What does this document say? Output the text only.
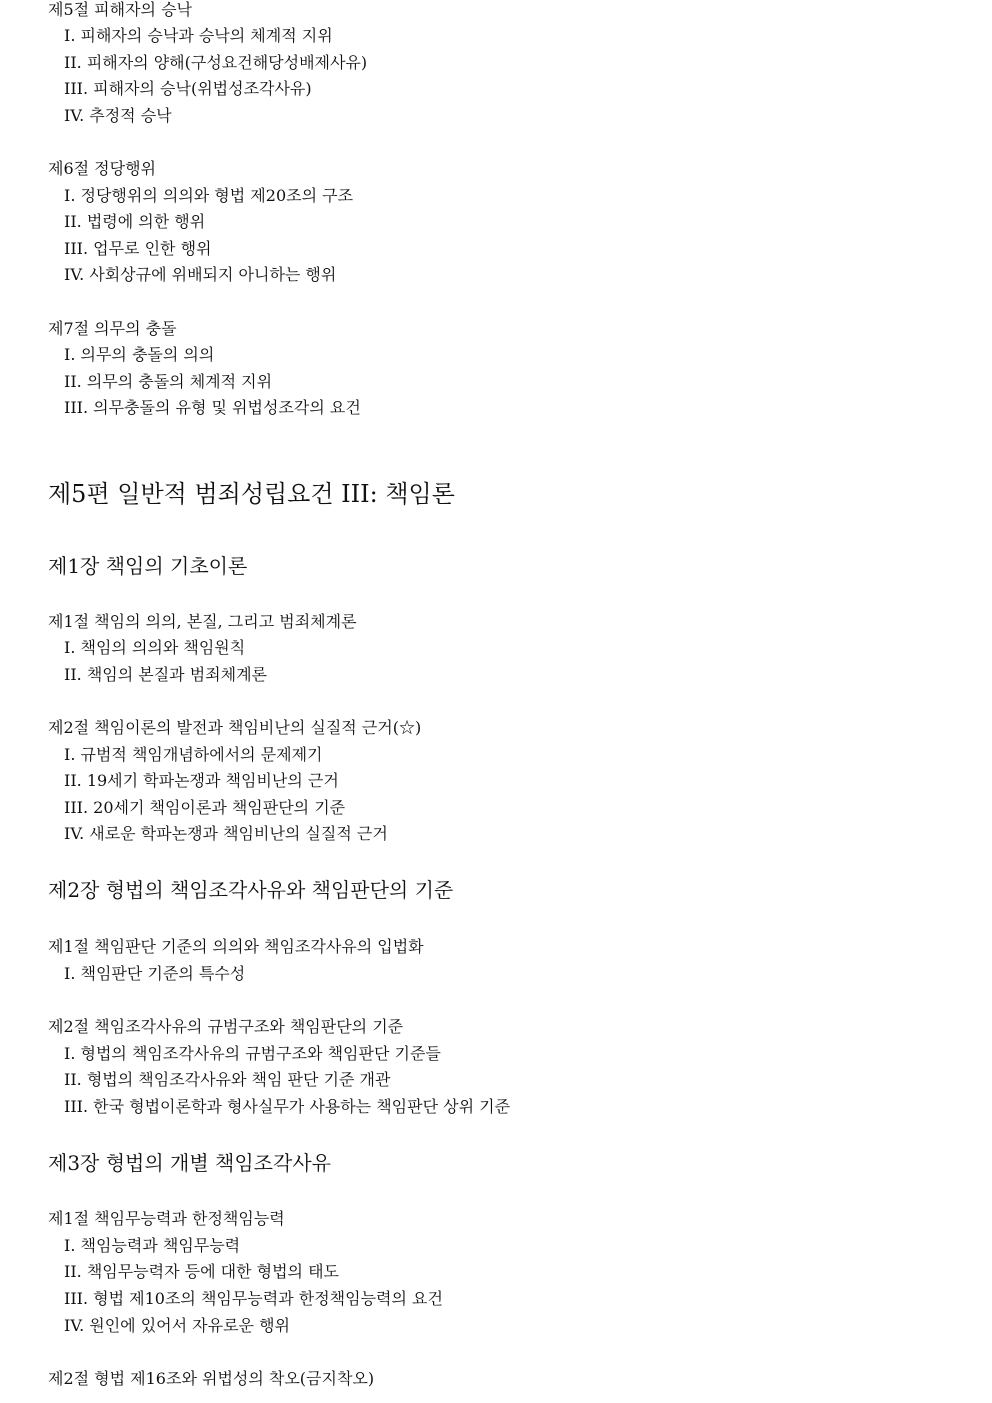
제5절 피해자의 승낙
I. 피해자의 승낙과 승낙의 체계적 지위
II. 피해자의 양해(구성요건해당성배제사유)
III. 피해자의 승낙(위법성조각사유)
IV. 추정적 승낙
제6절 정당행위
I. 정당행위의 의의와 형법 제20조의 구조
II. 법령에 의한 행위
III. 업무로 인한 행위
IV. 사회상규에 위배되지 아니하는 행위
제7절 의무의 충돌
I. 의무의 충돌의 의의
II. 의무의 충돌의 체계적 지위
III. 의무충돌의 유형 및 위법성조각의 요건
제5편 일반적 범죄성립요건 III: 책임론
제1장 책임의 기초이론
제1절 책임의 의의, 본질, 그리고 범죄체계론
I. 책임의 의의와 책임원칙
II. 책임의 본질과 범죄체계론
제2절 책임이론의 발전과 책임비난의 실질적 근거(☆)
I. 규범적 책임개념하에서의 문제제기
II. 19세기 학파논쟁과 책임비난의 근거
III. 20세기 책임이론과 책임판단의 기준
IV. 새로운 학파논쟁과 책임비난의 실질적 근거
제2장 형법의 책임조각사유와 책임판단의 기준
제1절 책임판단 기준의 의의와 책임조각사유의 입법화
I. 책임판단 기준의 특수성
제2절 책임조각사유의 규범구조와 책임판단의 기준
I. 형법의 책임조각사유의 규범구조와 책임판단 기준들
II. 형법의 책임조각사유와 책임 판단 기준 개관
III. 한국 형법이론학과 형사실무가 사용하는 책임판단 상위 기준
제3장 형법의 개별 책임조각사유
제1절 책임무능력과 한정책임능력
I. 책임능력과 책임무능력
II. 책임무능력자 등에 대한 형법의 태도
III. 형법 제10조의 책임무능력과 한정책임능력의 요건
IV. 원인에 있어서 자유로운 행위
제2절 형법 제16조와 위법성의 착오(금지착오)
